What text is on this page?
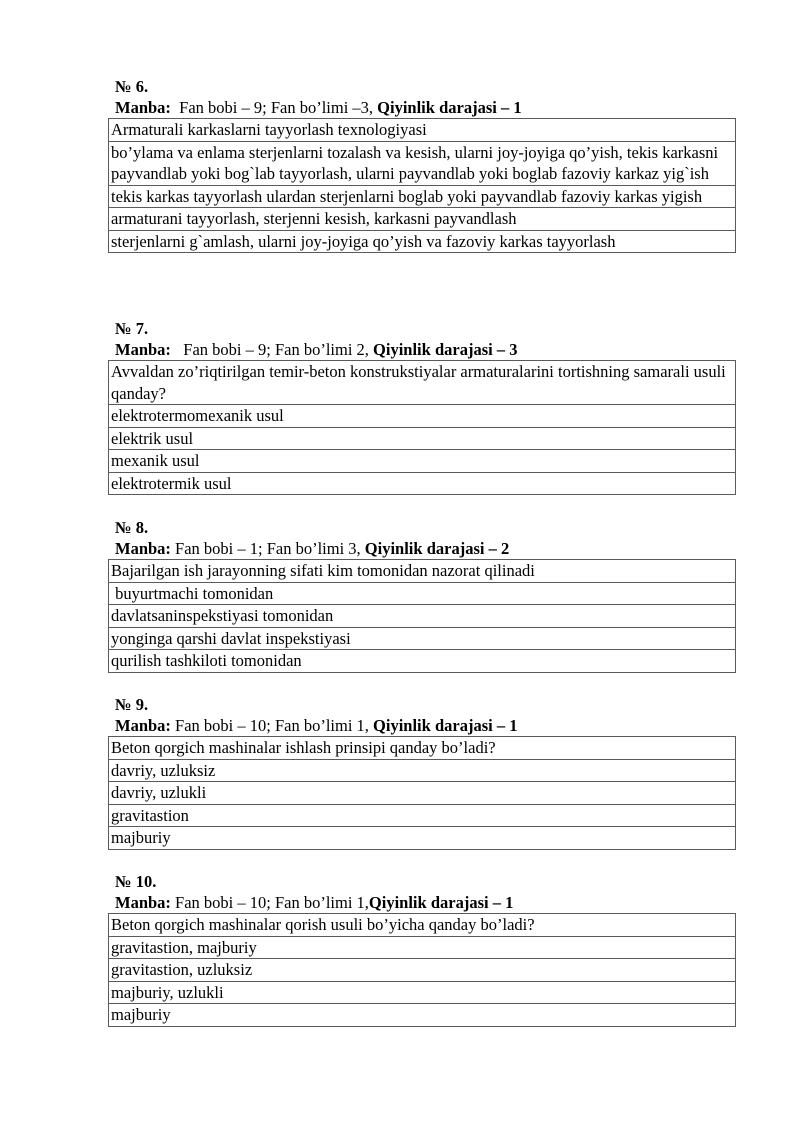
№ 6.
Manba: Fan bobi – 9; Fan bo’limi –3, Qiyinlik darajasi – 1
Armaturali karkaslarni tayyorlash texnologiyasi
bo’ylama va enlama sterjenlarni tozalash va kesish, ularni joy-joyiga qo’yish, tekis karkasni payvandlab yoki bog`lab tayyorlash, ularni payvandlab yoki boglab fazoviy karkaz yig`ish
tekis karkas tayyorlash ulardan sterjenlarni boglab yoki payvandlab fazoviy karkas yigish
armaturani tayyorlash, sterjenni kesish, karkasni payvandlash
sterjenlarni g`amlash, ularni joy-joyiga qo’yish va fazoviy karkas tayyorlash
№ 7.
Manba: Fan bobi – 9; Fan bo’limi 2, Qiyinlik darajasi – 3
Avvaldan zo’riqtirilgan temir-beton konstrukstiyalar armaturalarini tortishning samarali usuli qanday?
elektrotermomexanik usul
elektrik usul
mexanik usul
elektrotermik usul
№ 8.
Manba: Fan bobi – 1; Fan bo’limi 3, Qiyinlik darajasi – 2
Bajarilgan ish jarayonning sifati kim tomonidan nazorat qilinadi
buyurtmachi tomonidan
davlatsaninspekstiyasi tomonidan
yonginga qarshi davlat inspekstiyasi
qurilish tashkiloti tomonidan
№ 9.
Manba: Fan bobi – 10; Fan bo’limi 1, Qiyinlik darajasi – 1
Beton qorgich mashinalar ishlash prinsipi qanday bo’ladi?
davriy, uzluksiz
davriy, uzlukli
gravitastion
majburiy
№ 10.
Manba: Fan bobi – 10; Fan bo’limi 1,Qiyinlik darajasi – 1
Beton qorgich mashinalar qorish usuli bo’yicha qanday bo’ladi?
gravitastion, majburiy
gravitastion, uzluksiz
majburiy, uzlukli
majburiy
